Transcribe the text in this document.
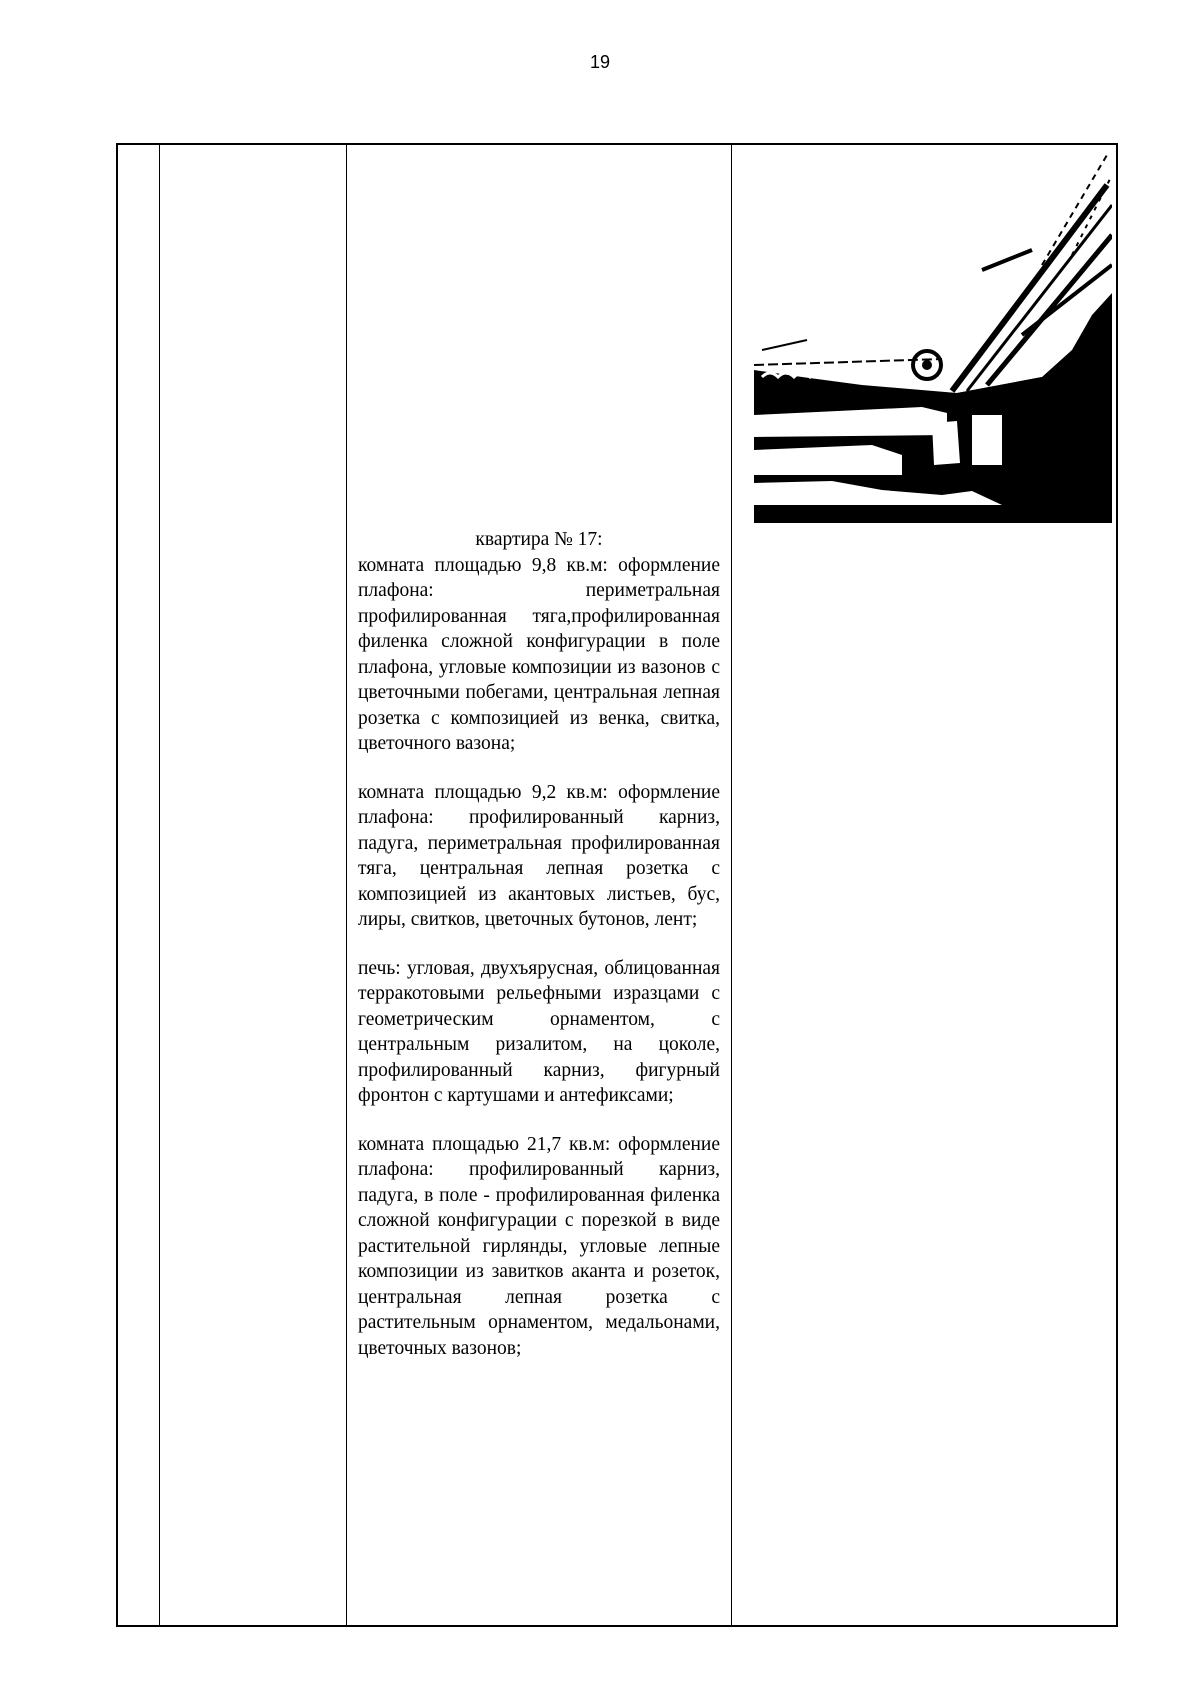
19

квартира № 17:

комната площадью 9,8 кв.м: оформление плафона: периметральная профилированная тяга,профилированная филенка сложной конфигурации в поле плафона, угловые композиции из вазонов с цветочными побегами, центральная лепная розетка с композицией из венка, свитка, цветочного вазона;

комната площадью 9,2 кв.м: оформление плафона: профилированный карниз, падуга, периметральная профилированная тяга, центральная лепная розетка с композицией из акантовых листьев, бус, лиры, свитков, цветочных бутонов, лент;

печь: угловая, двухъярусная, облицованная терракотовыми рельефными изразцами с геометрическим орнаментом, с центральным ризалитом, на цоколе, профилированный карниз, фигурный фронтон с картушами и антефиксами;

комната площадью 21,7 кв.м: оформление плафона: профилированный карниз, падуга, в поле - профилированная филенка сложной конфигурации с порезкой в виде растительной гирлянды, угловые лепные композиции из завитков аканта и розеток, центральная лепная розетка с растительным орнаментом, медальонами, цветочных вазонов;
